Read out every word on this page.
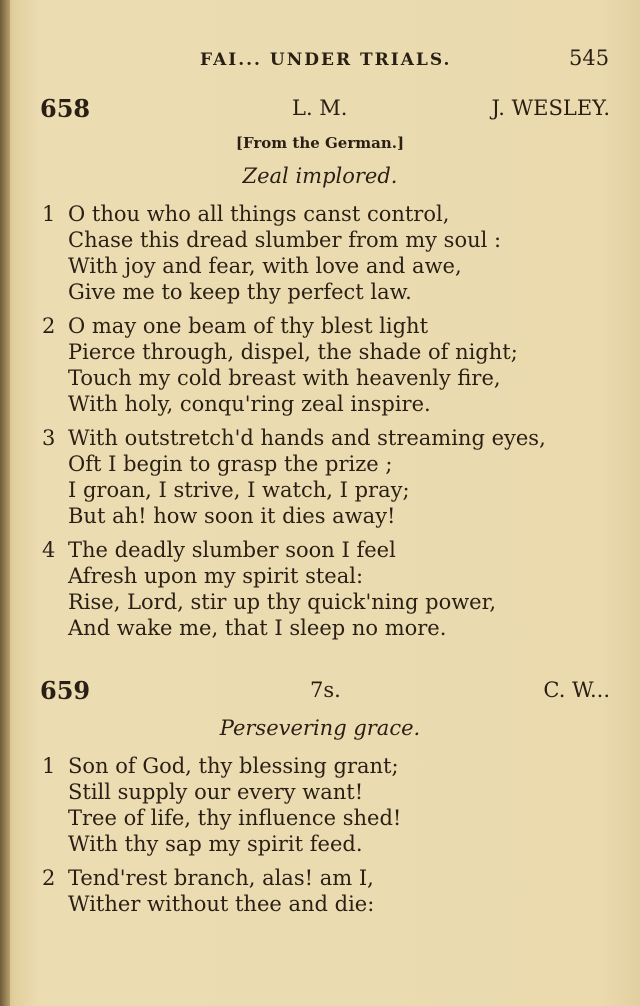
FAI... UNDER TRIALS.	545
658	L. M.	J. WESLEY.
[From the German.]
Zeal implored.
1 O thou who all things canst control,
Chase this dread slumber from my soul :
With joy and fear, with love and awe,
Give me to keep thy perfect law.
2 O may one beam of thy blest light
Pierce through, dispel, the shade of night;
Touch my cold breast with heavenly fire,
With holy, conqu'ring zeal inspire.
3 With outstretch'd hands and streaming eyes,
Oft I begin to grasp the prize ;
I groan, I strive, I watch, I pray;
But ah! how soon it dies away!
4 The deadly slumber soon I feel
Afresh upon my spirit steal:
Rise, Lord, stir up thy quick'ning power,
And wake me, that I sleep no more.
659	7s.	C. W...
Persevering grace.
1 Son of God, thy blessing grant;
Still supply our every want!
Tree of life, thy influence shed!
With thy sap my spirit feed.
2 Tend'rest branch, alas! am I,
Wither without thee and die:
